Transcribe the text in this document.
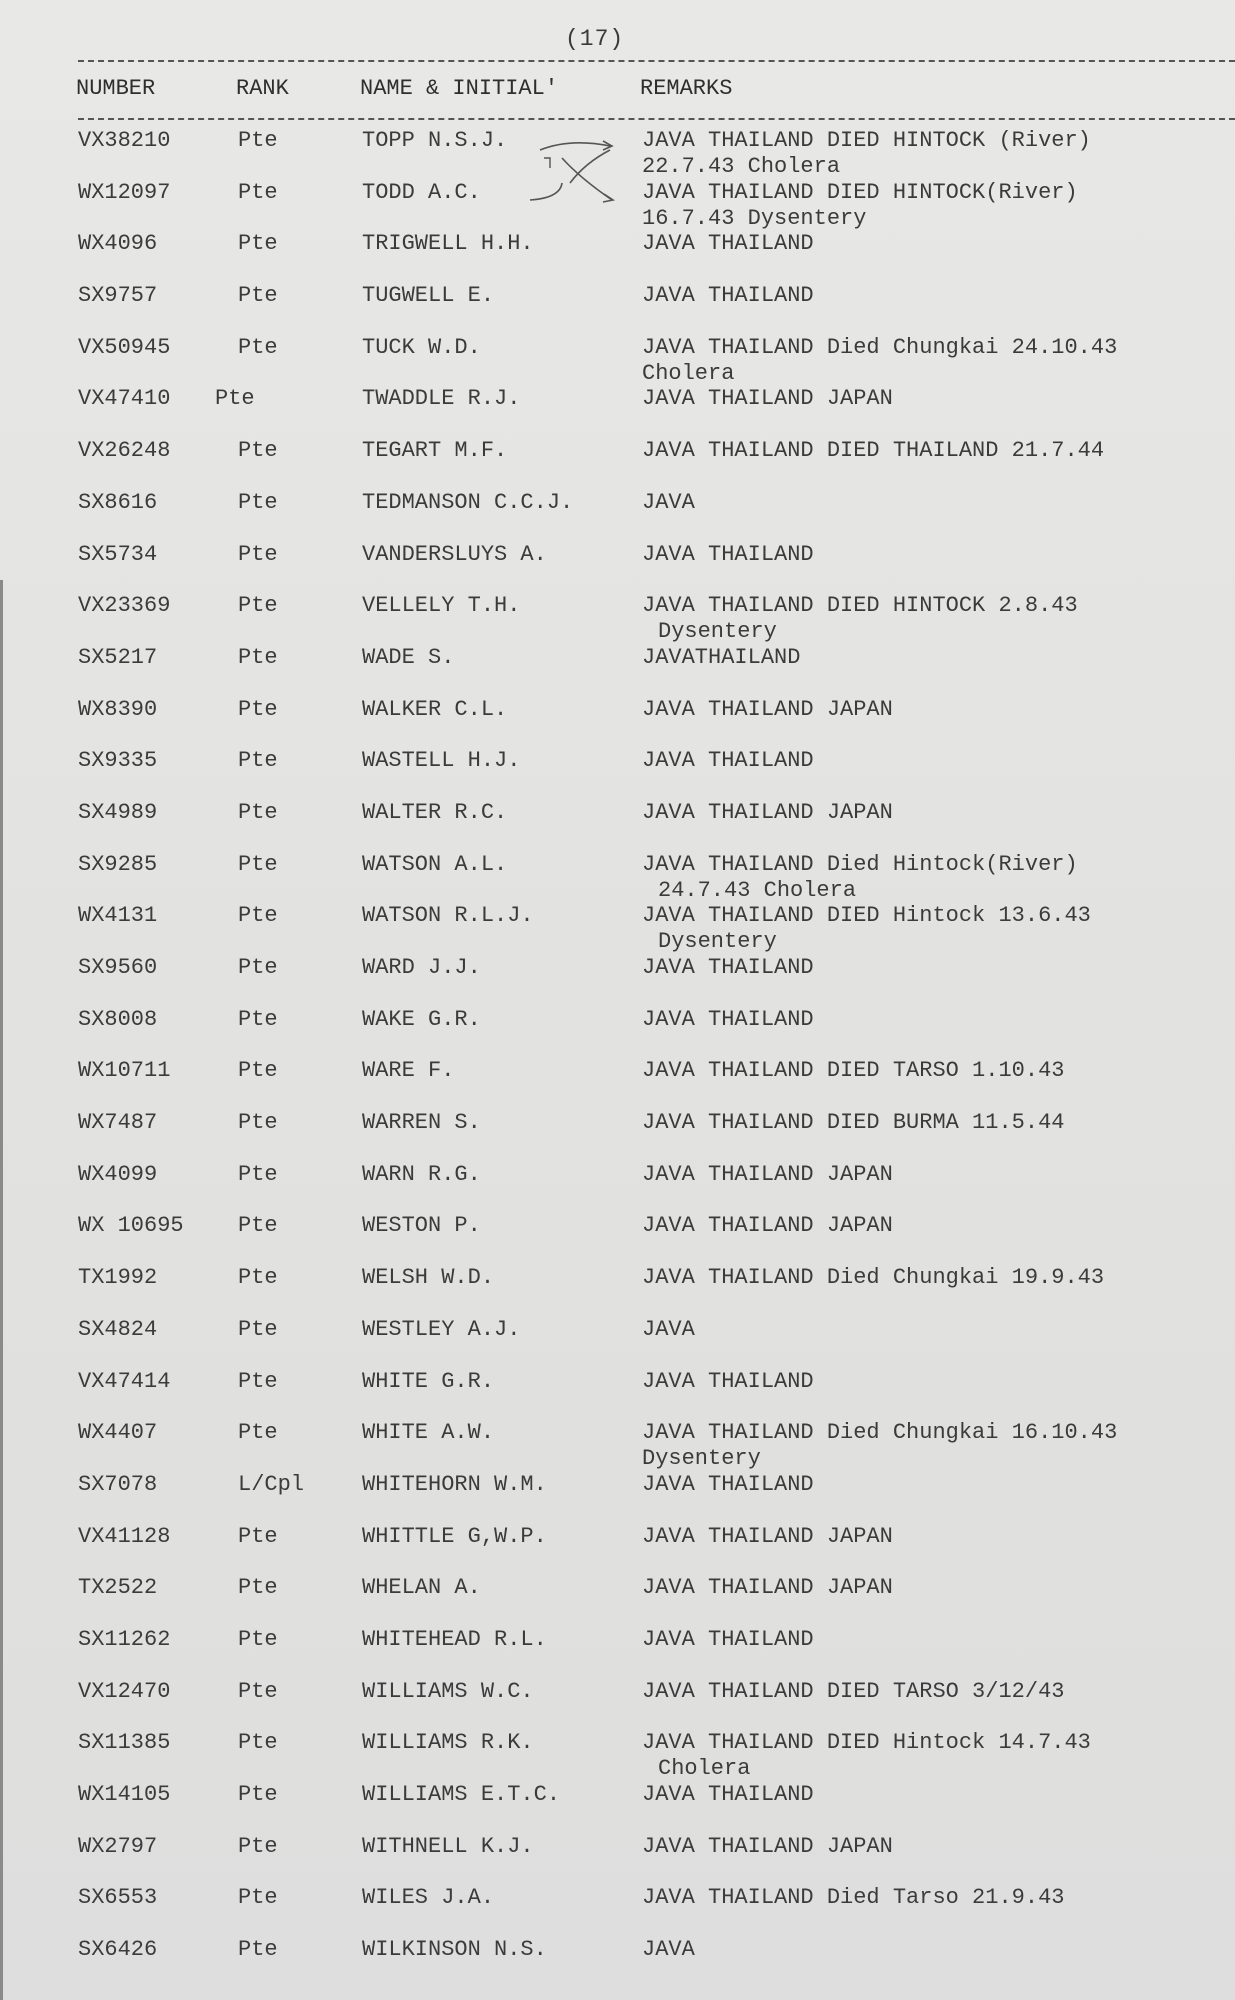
(17)
NUMBER	RANK	NAME & INITIAL'	REMARKS
VX38210	Pte	TOPP N.S.J.	JAVA THAILAND DIED HINTOCK (River)
22.7.43 Cholera
WX12097	Pte	TODD A.C.	JAVA THAILAND DIED HINTOCK(River)
16.7.43 Dysentery
WX4096	Pte	TRIGWELL H.H.	JAVA THAILAND
SX9757	Pte	TUGWELL E.	JAVA THAILAND
VX50945	Pte	TUCK W.D.	JAVA THAILAND Died Chungkai 24.10.43
Cholera
VX47410 Pte	TWADDLE R.J.	JAVA THAILAND JAPAN
VX26248	Pte	TEGART M.F.	JAVA THAILAND DIED THAILAND 21.7.44
SX8616	Pte	TEDMANSON C.C.J.	JAVA
SX5734	Pte	VANDERSLUYS A.	JAVA THAILAND
VX23369	Pte	VELLELY T.H.	JAVA THAILAND DIED HINTOCK 2.8.43
Dysentery
SX5217	Pte	WADE S.	JAVATHAILAND
WX8390	Pte	WALKER C.L.	JAVA THAILAND JAPAN
SX9335	Pte	WASTELL H.J.	JAVA THAILAND
SX4989	Pte	WALTER R.C.	JAVA THAILAND JAPAN
SX9285	Pte	WATSON A.L.	JAVA THAILAND Died Hintock(River)
24.7.43 Cholera
WX4131	Pte	WATSON R.L.J.	JAVA THAILAND DIED Hintock 13.6.43
Dysentery
SX9560	Pte	WARD J.J.	JAVA THAILAND
SX8008	Pte	WAKE G.R.	JAVA THAILAND
WX10711	Pte	WARE F.	JAVA THAILAND DIED TARSO 1.10.43
WX7487	Pte	WARREN S.	JAVA THAILAND DIED BURMA 11.5.44
WX4099	Pte	WARN R.G.	JAVA THAILAND JAPAN
WX 10695 Pte	WESTON P.	JAVA THAILAND JAPAN
TX1992	Pte	WELSH W.D.	JAVA THAILAND Died Chungkai 19.9.43
SX4824	Pte	WESTLEY A.J.	JAVA
VX47414	Pte	WHITE G.R.	JAVA THAILAND
WX4407	Pte	WHITE A.W.	JAVA THAILAND Died Chungkai 16.10.43
Dysentery
SX7078	L/Cpl	WHITEHORN W.M.	JAVA THAILAND
VX41128	Pte	WHITTLE G,W.P.	JAVA THAILAND JAPAN
TX2522	Pte	WHELAN A.	JAVA THAILAND JAPAN
SX11262	Pte	WHITEHEAD R.L.	JAVA THAILAND
VX12470	Pte	WILLIAMS W.C.	JAVA THAILAND DIED TARSO 3/12/43
SX11385	Pte	WILLIAMS R.K.	JAVA THAILAND DIED Hintock 14.7.43
Cholera
WX14105	Pte	WILLIAMS E.T.C.	JAVA THAILAND
WX2797	Pte	WITHNELL K.J.	JAVA THAILAND JAPAN
SX6553	Pte	WILES J.A.	JAVA THAILAND Died Tarso 21.9.43
SX6426	Pte	WILKINSON N.S.	JAVA
